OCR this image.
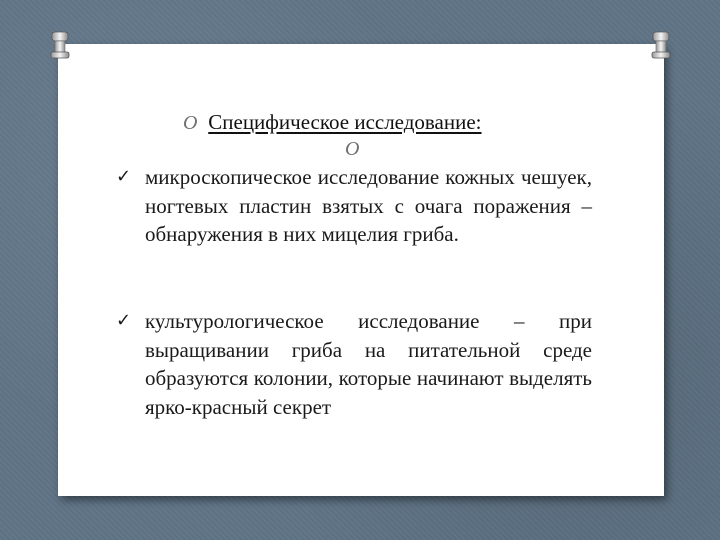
O Специфическое исследование:
O
✓ микроскопическое исследование кожных чешуек, ногтевых пластин взятых с очага поражения – обнаружения в них мицелия гриба.
✓ культурологическое исследование – при выращивании гриба на питательной среде образуются колонии, которые начинают выделять ярко-красный секрет
